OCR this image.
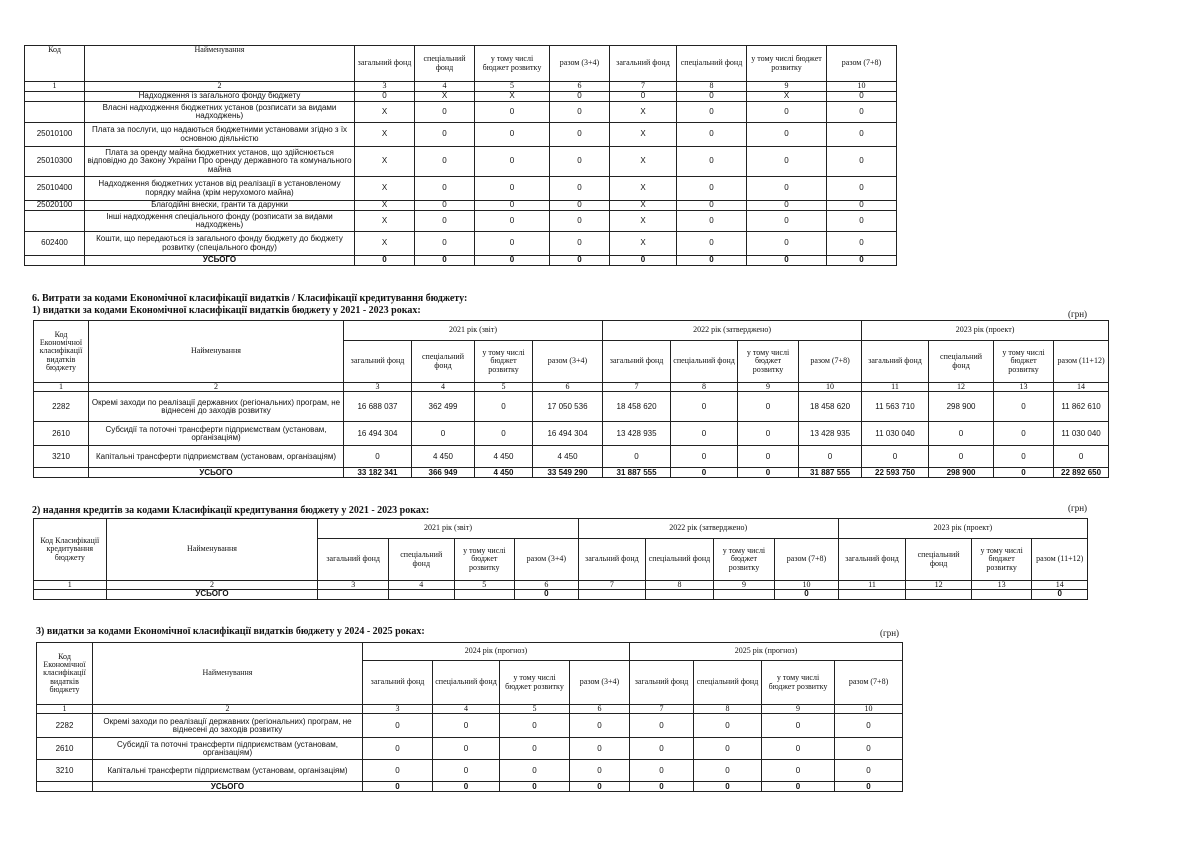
Код	Найменування	загальний фонд	спеціальний фонд	у тому числі бюджет розвитку	разом (3+4)	загальний фонд	спеціальний фонд	у тому числі бюджет розвитку	разом (7+8)
1	2	3	4	5	6	7	8	9	10
	Надходження із загального фонду бюджету	0	X	X	0	0	0	X	0
	Власні надходження бюджетних установ (розписати за видами надходжень)	X	0	0	0	X	0	0	0
25010100	Плата за послуги, що надаються бюджетними установами згідно з їх основною діяльністю	X	0	0	0	X	0	0	0
25010300	Плата за оренду майна бюджетних установ, що здійснюється відповідно до Закону України Про оренду державного та комунального майна	X	0	0	0	X	0	0	0
25010400	Надходження бюджетних установ від реалізації в установленому порядку майна (крім нерухомого майна)	X	0	0	0	X	0	0	0
25020100	Благодійні внески, гранти та дарунки	X	0	0	0	X	0	0	0
	Інші надходження спеціального фонду (розписати за видами надходжень)	X	0	0	0	X	0	0	0
602400	Кошти, що передаються із загального фонду бюджету до бюджету розвитку (спеціального фонду)	X	0	0	0	X	0	0	0
	УСЬОГО	0	0	0	0	0	0	0	0
6. Витрати за кодами Економічної класифікації видатків / Класифікації кредитування бюджету:
1) видатки за кодами Економічної класифікації видатків бюджету у 2021 - 2023 роках:	(грн)
Код Економічної класифікації видатків бюджету	Найменування	2021 рік (звіт)				2022 рік (затверджено)				2023 рік (проект)			
		загальний фонд	спеціальний фонд	у тому числі бюджет розвитку	разом (3+4)	загальний фонд	спеціальний фонд	у тому числі бюджет розвитку	разом (7+8)	загальний фонд	спеціальний фонд	у тому числі бюджет розвитку	разом (11+12)
1	2	3	4	5	6	7	8	9	10	11	12	13	14
2282	Окремі заходи по реалізації державних (регіональних) програм, не віднесені до заходів розвитку	16 688 037	362 499	0	17 050 536	18 458 620	0	0	18 458 620	11 563 710	298 900	0	11 862 610
2610	Субсидії та поточні трансферти підприємствам (установам, організаціям)	16 494 304	0	0	16 494 304	13 428 935	0	0	13 428 935	11 030 040	0	0	11 030 040
3210	Капітальні трансферти підприємствам (установам, організаціям)	0	4 450	4 450	4 450	0	0	0	0	0	0	0	0
	УСЬОГО	33 182 341	366 949	4 450	33 549 290	31 887 555	0	0	31 887 555	22 593 750	298 900	0	22 892 650
2) надання кредитів за кодами Класифікації кредитування бюджету у 2021 - 2023 роках:	(грн)
Код Класифікації кредитування бюджету	Найменування	2021 рік (звіт)				2022 рік (затверджено)				2023 рік (проект)			
		загальний фонд	спеціальний фонд	у тому числі бюджет розвитку	разом (3+4)	загальний фонд	спеціальний фонд	у тому числі бюджет розвитку	разом (7+8)	загальний фонд	спеціальний фонд	у тому числі бюджет розвитку	разом (11+12)
1	2	3	4	5	6	7	8	9	10	11	12	13	14
	УСЬОГО				0				0				0
3) видатки за кодами Економічної класифікації видатків бюджету у 2024 - 2025 роках:	(грн)
Код Економічної класифікації видатків бюджету	Найменування	2024 рік (прогноз)				2025 рік (прогноз)			
		загальний фонд	спеціальний фонд	у тому числі бюджет розвитку	разом (3+4)	загальний фонд	спеціальний фонд	у тому числі бюджет розвитку	разом (7+8)
1	2	3	4	5	6	7	8	9	10
2282	Окремі заходи по реалізації державних (регіональних) програм, не віднесені до заходів розвитку	0	0	0	0	0	0	0	0
2610	Субсидії та поточні трансферти підприємствам (установам, організаціям)	0	0	0	0	0	0	0	0
3210	Капітальні трансферти підприємствам (установам, організаціям)	0	0	0	0	0	0	0	0
	УСЬОГО	0	0	0	0	0	0	0	0
